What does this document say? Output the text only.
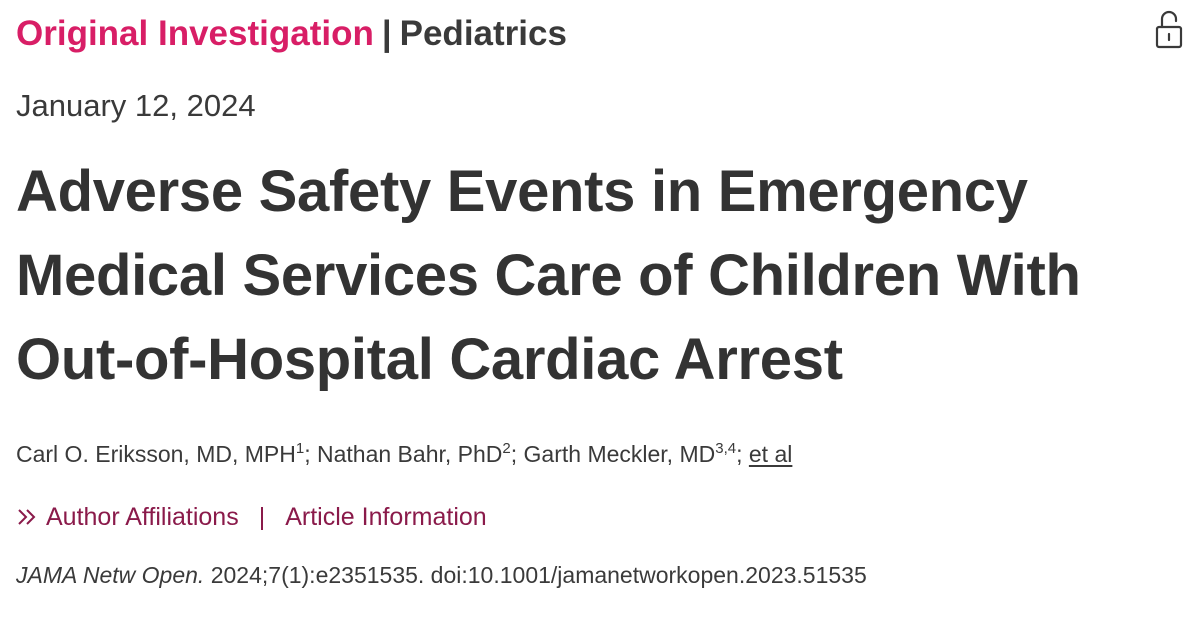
Original Investigation | Pediatrics
January 12, 2024
Adverse Safety Events in Emergency Medical Services Care of Children With Out-of-Hospital Cardiac Arrest
Carl O. Eriksson, MD, MPH$^1$; Nathan Bahr, PhD$^2$; Garth Meckler, MD$^{3,4}$; et al
Author Affiliations | Article Information
JAMA Netw Open. 2024;7(1):e2351535. doi:10.1001/jamanetworkopen.2023.51535
